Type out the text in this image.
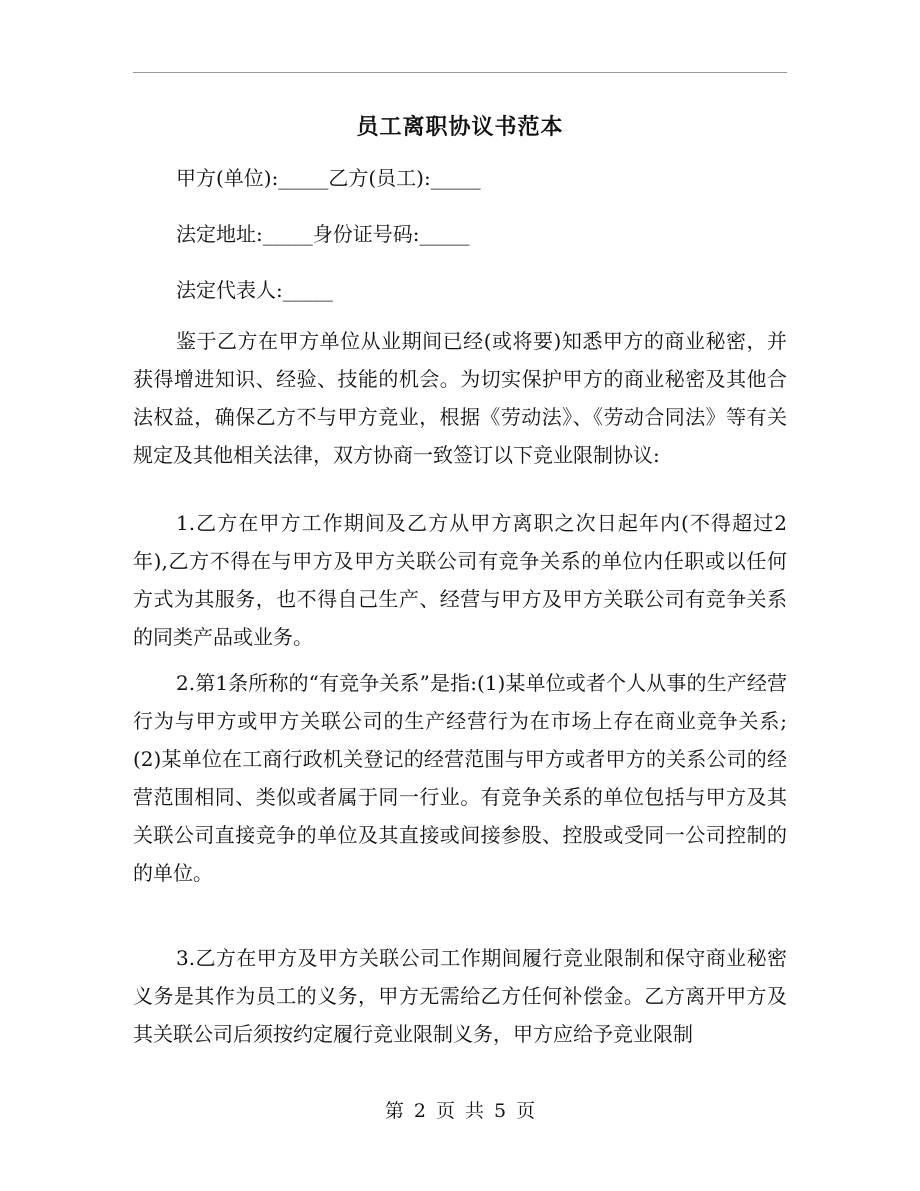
员工离职协议书范本
甲方(单位):_____乙方(员工):_____
法定地址:_____身份证号码:_____
法定代表人:_____
鉴于乙方在甲方单位从业期间已经(或将要)知悉甲方的商业秘密，并获得增进知识、经验、技能的机会。为切实保护甲方的商业秘密及其他合法权益，确保乙方不与甲方竞业，根据《劳动法》、《劳动合同法》等有关规定及其他相关法律，双方协商一致签订以下竞业限制协议:
1.乙方在甲方工作期间及乙方从甲方离职之次日起年内(不得超过2年),乙方不得在与甲方及甲方关联公司有竞争关系的单位内任职或以任何方式为其服务，也不得自己生产、经营与甲方及甲方关联公司有竞争关系的同类产品或业务。
2.第1条所称的“有竞争关系”是指:(1)某单位或者个人从事的生产经营行为与甲方或甲方关联公司的生产经营行为在市场上存在商业竞争关系;(2)某单位在工商行政机关登记的经营范围与甲方或者甲方的关系公司的经营范围相同、类似或者属于同一行业。有竞争关系的单位包括与甲方及其关联公司直接竞争的单位及其直接或间接参股、控股或受同一公司控制的的单位。
3.乙方在甲方及甲方关联公司工作期间履行竞业限制和保守商业秘密义务是其作为员工的义务，甲方无需给乙方任何补偿金。乙方离开甲方及其关联公司后须按约定履行竞业限制义务，甲方应给予竞业限制
第 2 页 共 5 页
